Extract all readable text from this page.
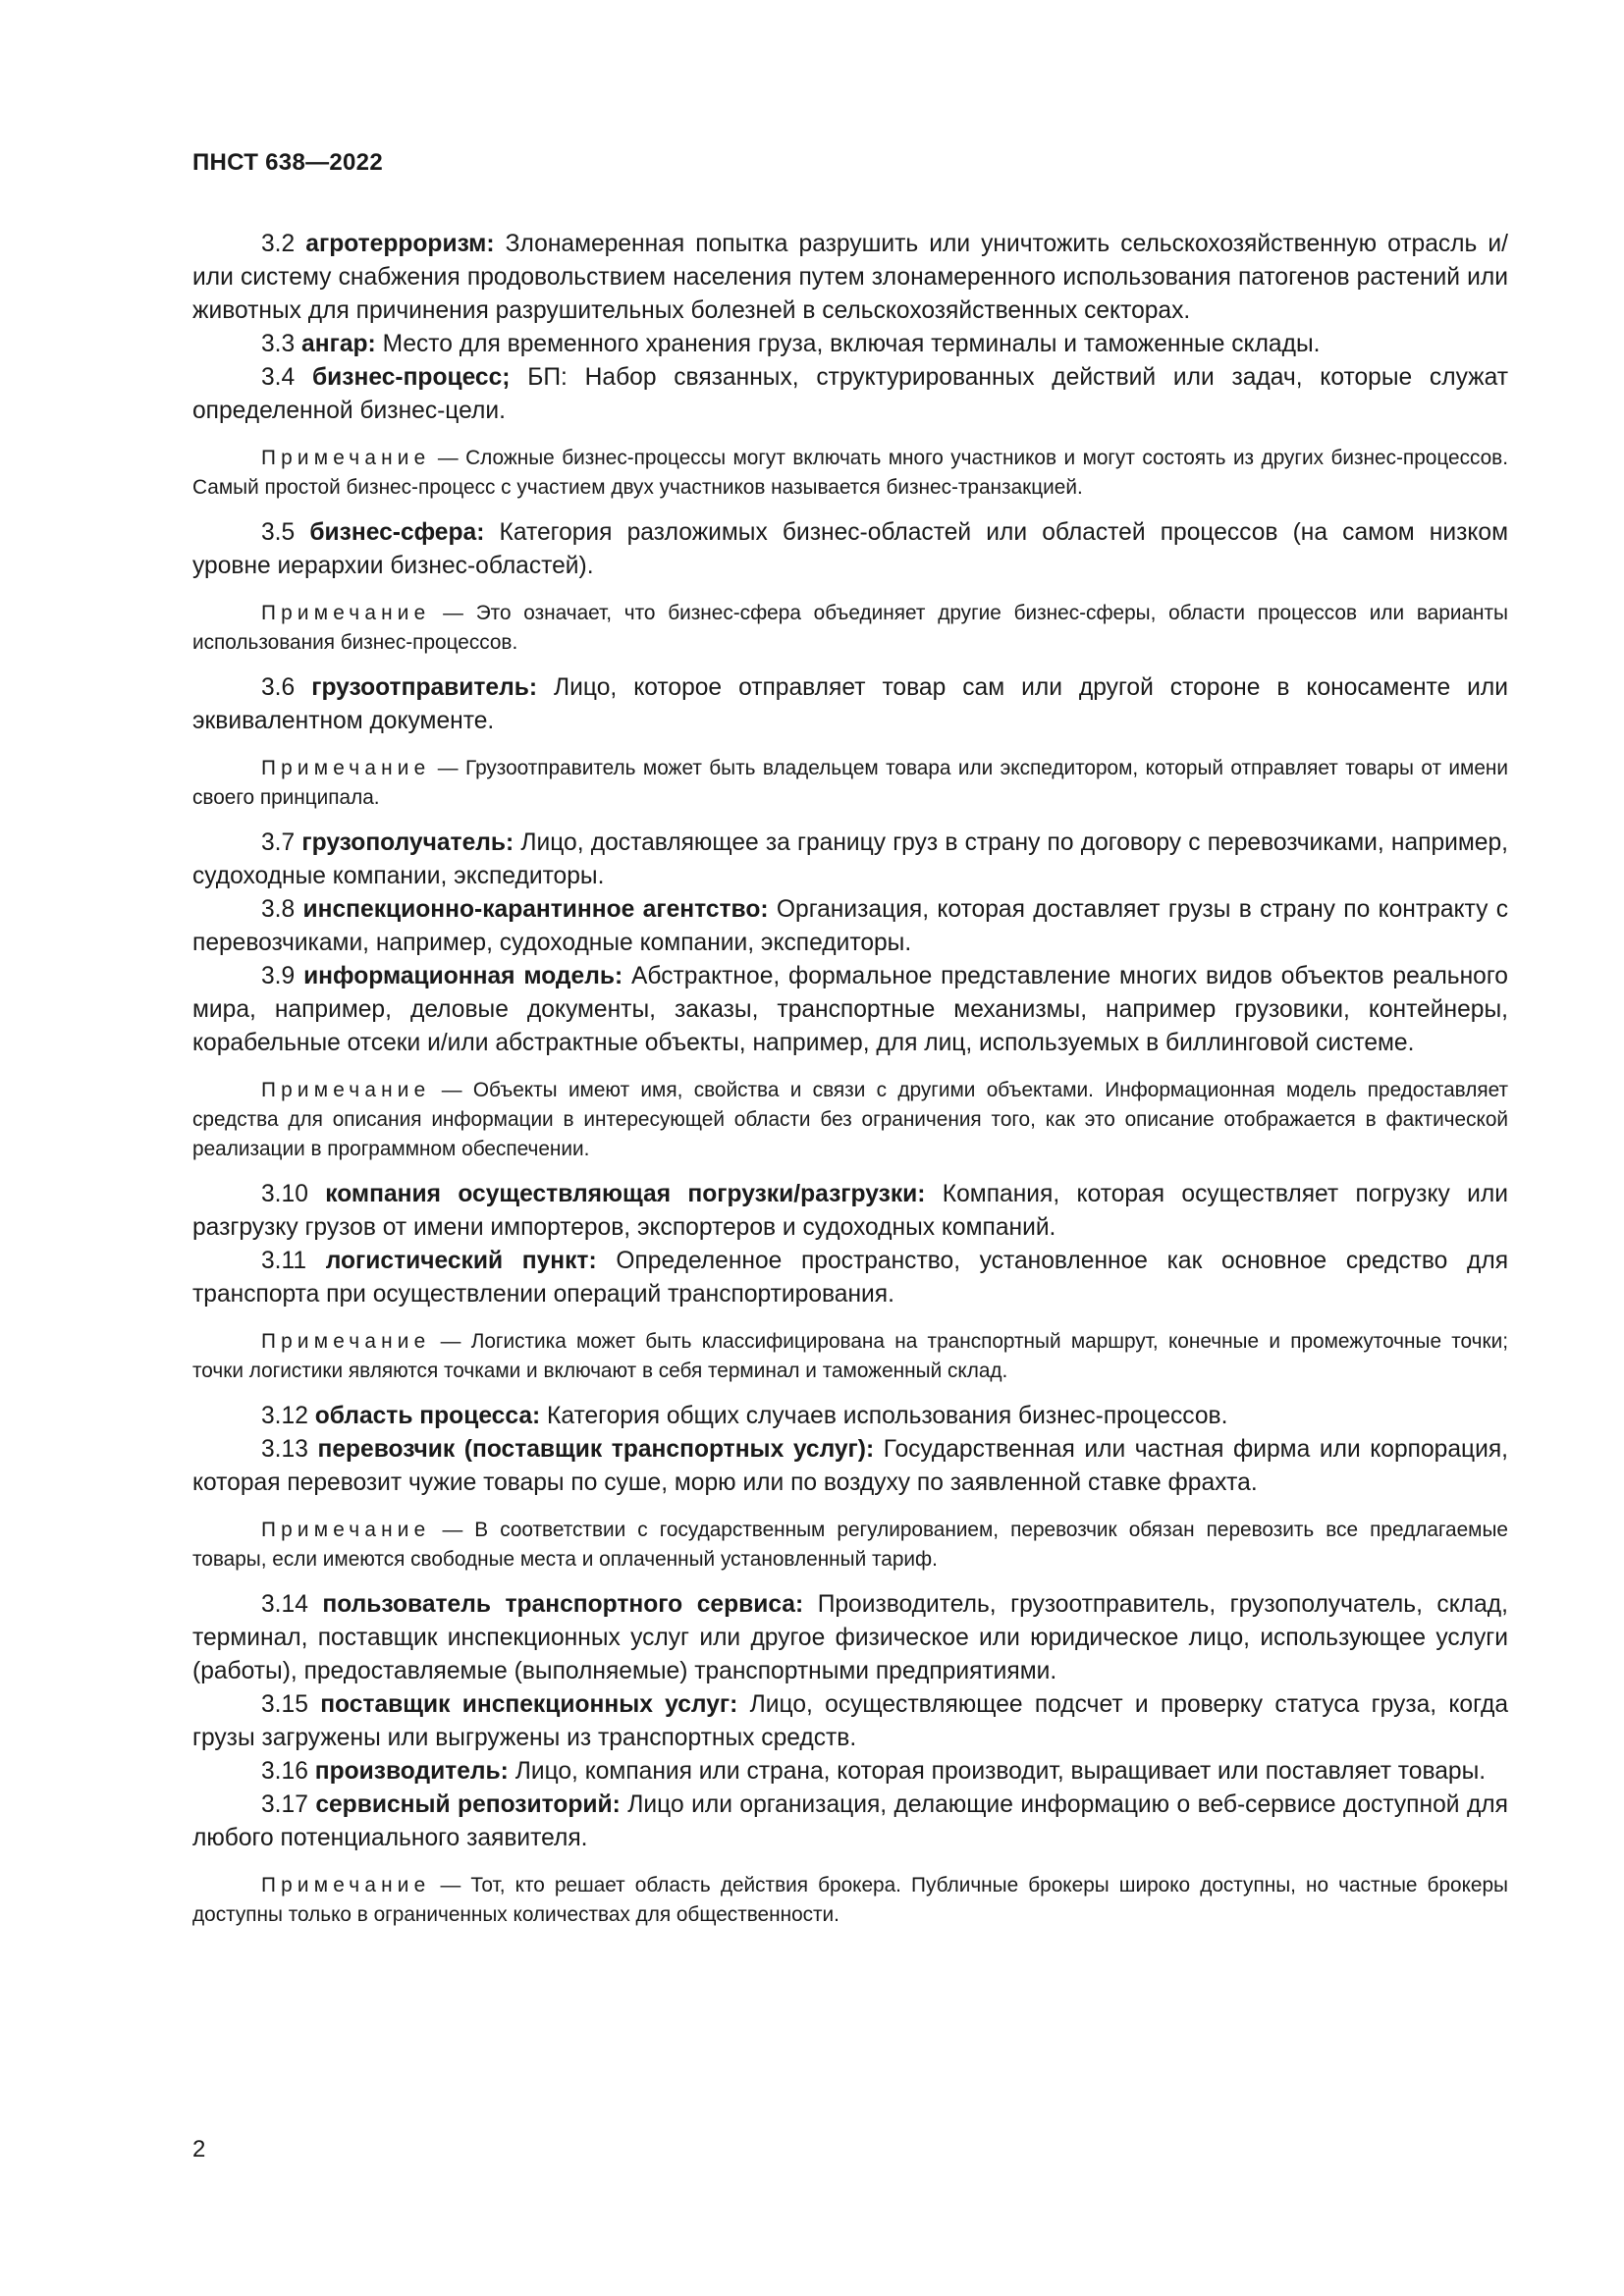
ПНСТ 638—2022

3.2 агротерроризм: Злонамеренная попытка разрушить или уничтожить сельскохозяйственную отрасль и/или систему снабжения продовольствием населения путем злонамеренного использования патогенов растений или животных для причинения разрушительных болезней в сельскохозяйственных секторах.

3.3 ангар: Место для временного хранения груза, включая терминалы и таможенные склады.

3.4 бизнес-процесс; БП: Набор связанных, структурированных действий или задач, которые служат определенной бизнес-цели.

Примечание — Сложные бизнес-процессы могут включать много участников и могут состоять из других бизнес-процессов. Самый простой бизнес-процесс с участием двух участников называется бизнес-транзакцией.

3.5 бизнес-сфера: Категория разложимых бизнес-областей или областей процессов (на самом низком уровне иерархии бизнес-областей).

Примечание — Это означает, что бизнес-сфера объединяет другие бизнес-сферы, области процессов или варианты использования бизнес-процессов.

3.6 грузоотправитель: Лицо, которое отправляет товар сам или другой стороне в коносаменте или эквивалентном документе.

Примечание — Грузоотправитель может быть владельцем товара или экспедитором, который отправляет товары от имени своего принципала.

3.7 грузополучатель: Лицо, доставляющее за границу груз в страну по договору с перевозчиками, например, судоходные компании, экспедиторы.

3.8 инспекционно-карантинное агентство: Организация, которая доставляет грузы в страну по контракту с перевозчиками, например, судоходные компании, экспедиторы.

3.9 информационная модель: Абстрактное, формальное представление многих видов объектов реального мира, например, деловые документы, заказы, транспортные механизмы, например грузовики, контейнеры, корабельные отсеки и/или абстрактные объекты, например, для лиц, используемых в биллинговой системе.

Примечание — Объекты имеют имя, свойства и связи с другими объектами. Информационная модель предоставляет средства для описания информации в интересующей области без ограничения того, как это описание отображается в фактической реализации в программном обеспечении.

3.10 компания осуществляющая погрузки/разгрузки: Компания, которая осуществляет погрузку или разгрузку грузов от имени импортеров, экспортеров и судоходных компаний.

3.11 логистический пункт: Определенное пространство, установленное как основное средство для транспорта при осуществлении операций транспортирования.

Примечание — Логистика может быть классифицирована на транспортный маршрут, конечные и промежуточные точки; точки логистики являются точками и включают в себя терминал и таможенный склад.

3.12 область процесса: Категория общих случаев использования бизнес-процессов.

3.13 перевозчик (поставщик транспортных услуг): Государственная или частная фирма или корпорация, которая перевозит чужие товары по суше, морю или по воздуху по заявленной ставке фрахта.

Примечание — В соответствии с государственным регулированием, перевозчик обязан перевозить все предлагаемые товары, если имеются свободные места и оплаченный установленный тариф.

3.14 пользователь транспортного сервиса: Производитель, грузоотправитель, грузополучатель, склад, терминал, поставщик инспекционных услуг или другое физическое или юридическое лицо, использующее услуги (работы), предоставляемые (выполняемые) транспортными предприятиями.

3.15 поставщик инспекционных услуг: Лицо, осуществляющее подсчет и проверку статуса груза, когда грузы загружены или выгружены из транспортных средств.

3.16 производитель: Лицо, компания или страна, которая производит, выращивает или поставляет товары.

3.17 сервисный репозиторий: Лицо или организация, делающие информацию о веб-сервисе доступной для любого потенциального заявителя.

Примечание — Тот, кто решает область действия брокера. Публичные брокеры широко доступны, но частные брокеры доступны только в ограниченных количествах для общественности.

2
